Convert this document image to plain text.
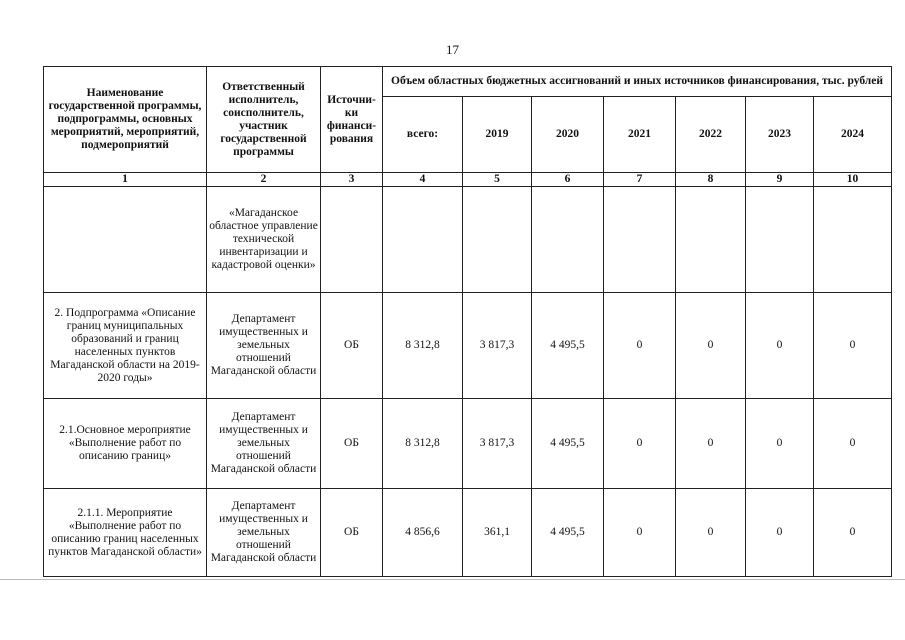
17
Наименование государственной программы, подпрограммы, основных мероприятий, мероприятий, подмероприятий	Ответственный исполнитель, соисполнитель, участник государственной программы	Источни-ки финанси-рования	Объем областных бюджетных ассигнований и иных источников финансирования, тыс. рублей						
			всего:	2019	2020	2021	2022	2023	2024
1	2	3	4	5	6	7	8	9	10
	«Магаданское областное управление технической инвентаризации и кадастровой оценки»								
2. Подпрограмма «Описание границ муниципальных образований и границ населенных пунктов Магаданской области на 2019-2020 годы»	Департамент имущественных и земельных отношений Магаданской области	ОБ	8 312,8	3 817,3	4 495,5	0	0	0	0
2.1.Основное мероприятие «Выполнение работ по описанию границ»	Департамент имущественных и земельных отношений Магаданской области	ОБ	8 312,8	3 817,3	4 495,5	0	0	0	0
2.1.1. Мероприятие «Выполнение работ по описанию границ населенных пунктов Магаданской области»	Департамент имущественных и земельных отношений Магаданской области	ОБ	4 856,6	361,1	4 495,5	0	0	0	0
